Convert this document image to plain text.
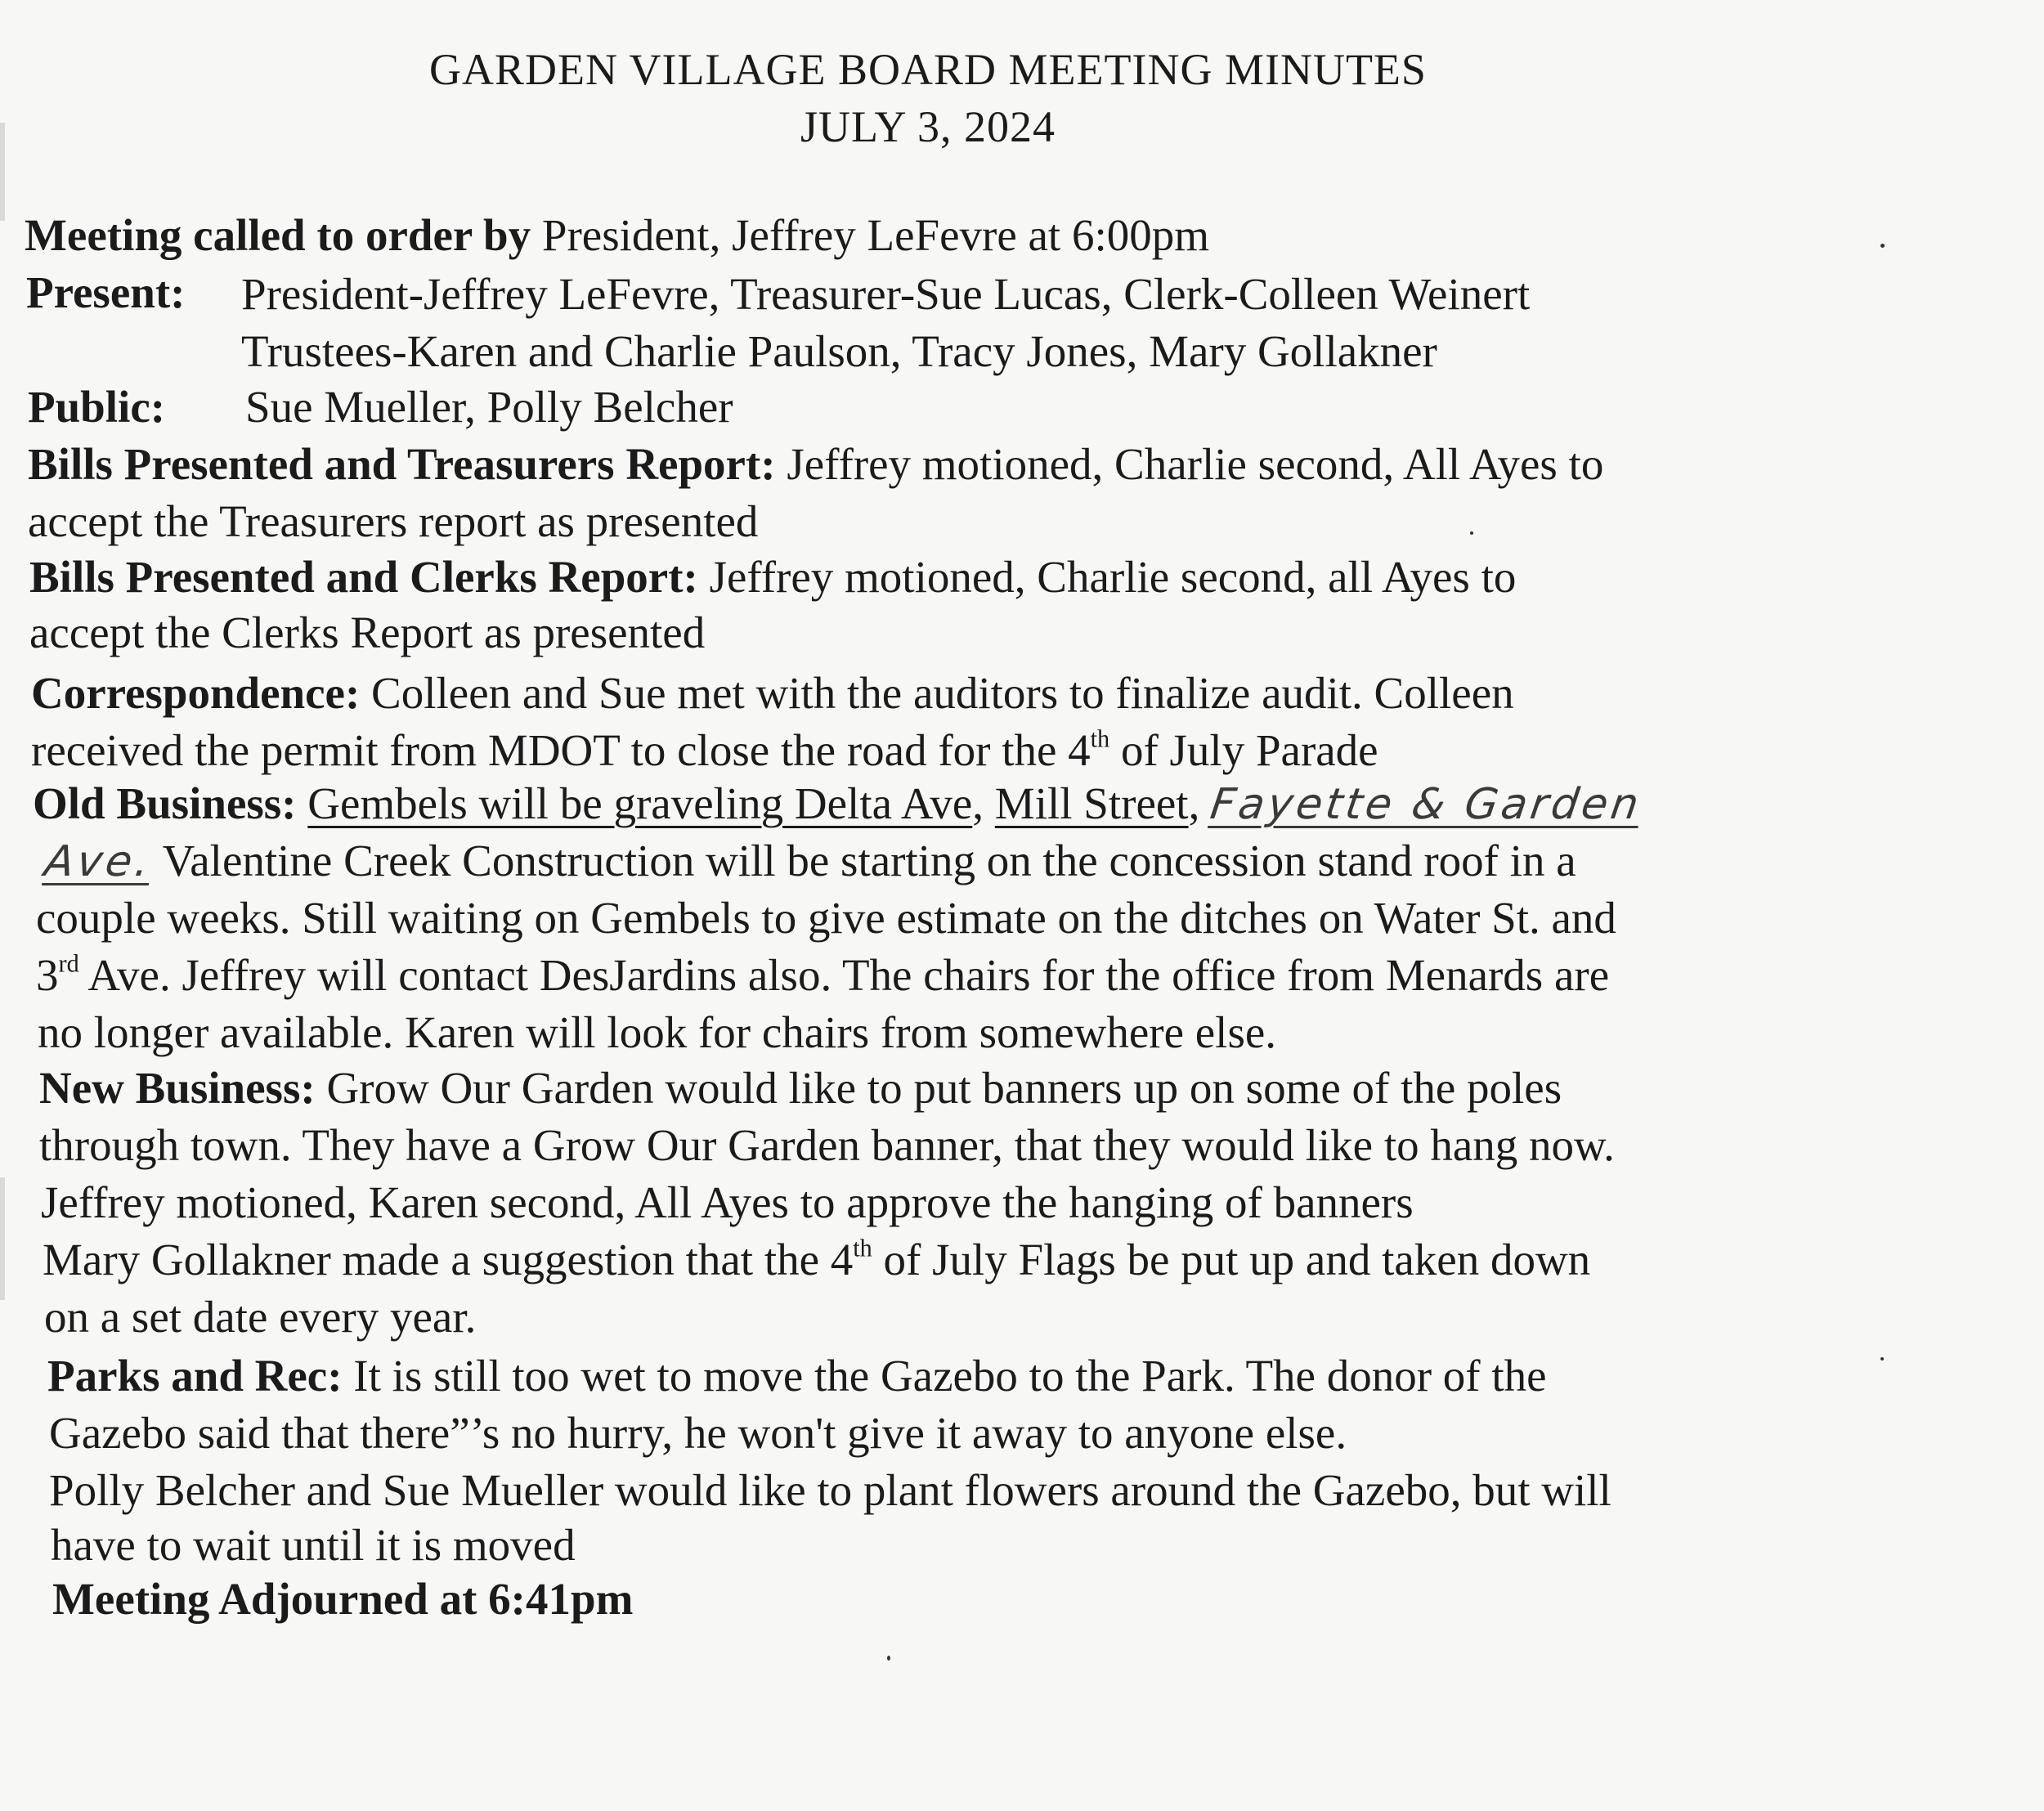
GARDEN VILLAGE BOARD MEETING MINUTES
JULY 3, 2024
Meeting called to order by President, Jeffrey LeFevre at 6:00pm
Present: President-Jeffrey LeFevre, Treasurer-Sue Lucas, Clerk-Colleen Weinert
Trustees-Karen and Charlie Paulson, Tracy Jones, Mary Gollakner
Public: Sue Mueller, Polly Belcher
Bills Presented and Treasurers Report: Jeffrey motioned, Charlie second, All Ayes to
accept the Treasurers report as presented
Bills Presented and Clerks Report: Jeffrey motioned, Charlie second, all Ayes to
accept the Clerks Report as presented
Correspondence: Colleen and Sue met with the auditors to finalize audit. Colleen
received the permit from MDOT to close the road for the 4th of July Parade
Old Business: Gembels will be graveling Delta Ave, Mill Street, Fayette & Garden
Ave. Valentine Creek Construction will be starting on the concession stand roof in a
couple weeks. Still waiting on Gembels to give estimate on the ditches on Water St. and
3rd Ave. Jeffrey will contact DesJardins also. The chairs for the office from Menards are
no longer available. Karen will look for chairs from somewhere else.
New Business: Grow Our Garden would like to put banners up on some of the poles
through town. They have a Grow Our Garden banner, that they would like to hang now.
Jeffrey motioned, Karen second, All Ayes to approve the hanging of banners
Mary Gollakner made a suggestion that the 4th of July Flags be put up and taken down
on a set date every year.
Parks and Rec: It is still too wet to move the Gazebo to the Park. The donor of the
Gazebo said that there”’s no hurry, he won't give it away to anyone else.
Polly Belcher and Sue Mueller would like to plant flowers around the Gazebo, but will
have to wait until it is moved
Meeting Adjourned at 6:41pm
